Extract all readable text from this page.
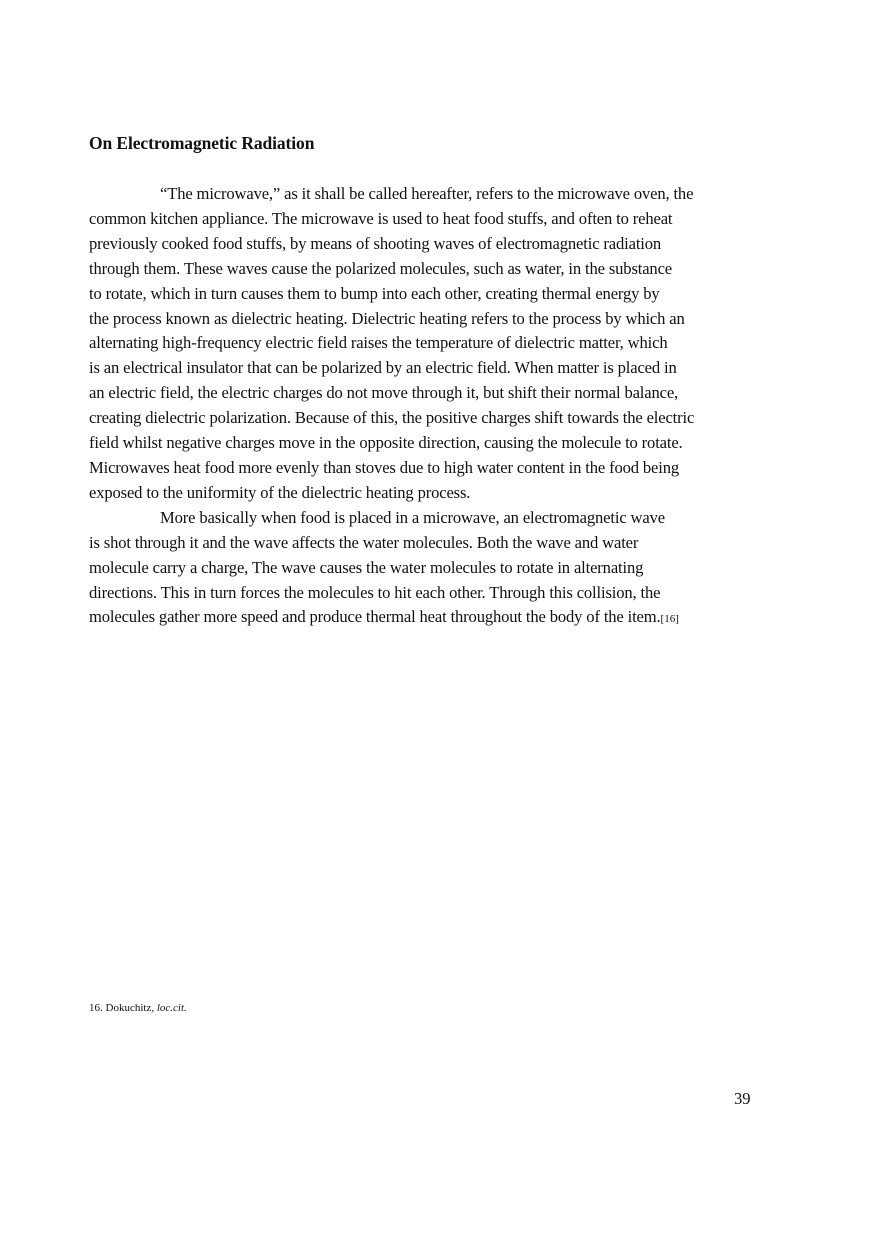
On Electromagnetic Radiation
“The microwave,” as it shall be called hereafter, refers to the microwave oven, the
common kitchen appliance. The microwave is used to heat food stuffs, and often to reheat
previously cooked food stuffs, by means of shooting waves of electromagnetic radiation
through them. These waves cause the polarized molecules, such as water, in the substance
to rotate, which in turn causes them to bump into each other, creating thermal energy by
the process known as dielectric heating. Dielectric heating refers to the process by which an
alternating high-frequency electric field raises the temperature of dielectric matter, which
is an electrical insulator that can be polarized by an electric field. When matter is placed in
an electric field, the electric charges do not move through it, but shift their normal balance,
creating dielectric polarization. Because of this, the positive charges shift towards the electric
field whilst negative charges move in the opposite direction, causing the molecule to rotate.
Microwaves heat food more evenly than stoves due to high water content in the food being
exposed to the uniformity of the dielectric heating process.
More basically when food is placed in a microwave, an electromagnetic wave
is shot through it and the wave affects the water molecules. Both the wave and water
molecule carry a charge, The wave causes the water molecules to rotate in alternating
directions. This in turn forces the molecules to hit each other. Through this collision, the
molecules gather more speed and produce thermal heat throughout the body of the item.[16]
16. Dokuchitz, loc.cit.
39
